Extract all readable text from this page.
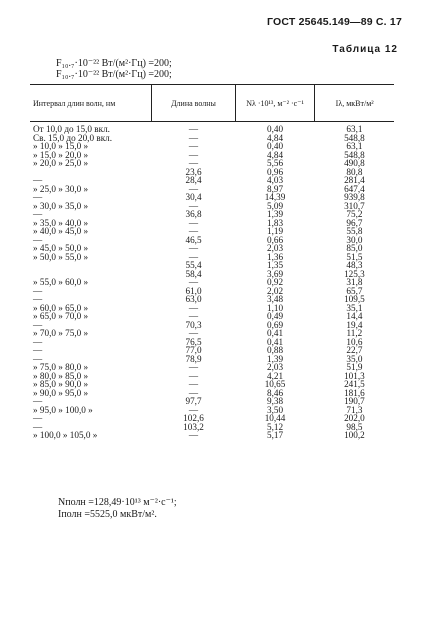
ГОСТ 25645.149—89 С. 17
Таблица 12
F₁₀.₇·10⁻²² Вт/(м²·Гц) =200;
F₁₀.₇·10⁻²² Вт/(м²·Гц) =200;
Интервал длин волн, нм	Длина волны	Nλ ·10¹³, м⁻² ·с⁻¹	Iλ, мкВт/м²
От 10,0 до 15,0 вкл.	—	0,40	63,1
Св. 15,0 до 20,0 вкл.	—	4,84	548,8
» 10,0 » 15,0 »	—	0,40	63,1
» 15,0 » 20,0 »	—	4,84	548,8
» 20,0 » 25,0 »	—	5,56	490,8
	23,6	0,96	80,8
—	28,4	4,03	281,4
» 25,0 » 30,0 »	—	8,97	647,4
—	30,4	14,39	939,8
» 30,0 » 35,0 »	—	5,09	310,7
—	36,8	1,39	75,2
» 35,0 » 40,0 »	—	1,83	96,7
» 40,0 » 45,0 »	—	1,19	55,8
—	46,5	0,66	30,0
» 45,0 » 50,0 »	—	2,03	85,0
» 50,0 » 55,0 »	—	1,36	51,5
	55,4	1,35	48,3
	58,4	3,69	125,3
» 55,0 » 60,0 »	—	0,92	31,8
—	61,0	2,02	65,7
—	63,0	3,48	109,5
» 60,0 » 65,0 »	—	1,10	35,1
» 65,0 » 70,0 »	—	0,49	14,4
—	70,3	0,69	19,4
» 70,0 » 75,0 »	—	0,41	11,2
—	76,5	0,41	10,6
—	77,0	0,88	22,7
—	78,9	1,39	35,0
» 75,0 » 80,0 »	—	2,03	51,9
» 80,0 » 85,0 »	—	4,21	101,3
» 85,0 » 90,0 »	—	10,65	241,5
» 90,0 » 95,0 »	—	8,46	181,6
—	97,7	9,38	190,7
» 95,0 » 100,0 »	—	3,50	71,3
—	102,6	10,44	202,0
—	103,2	5,12	98,5
» 100,0 » 105,0 »	—	5,17	100,2
Nполн =128,49·10¹³ м⁻²·с⁻¹;
Iполн =5525,0 мкВт/м².
